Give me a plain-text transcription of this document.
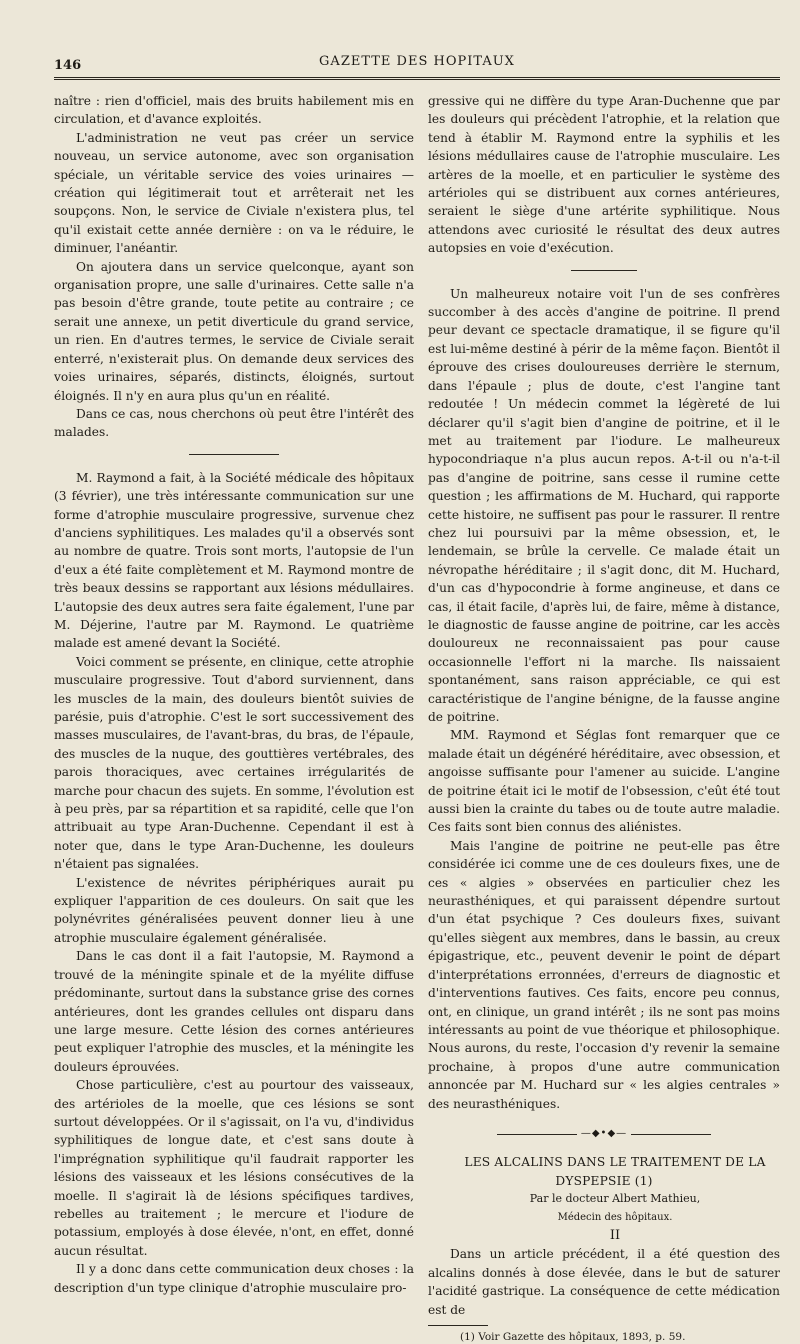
146	GAZETTE DES HOPITAUX

naître : rien d'officiel, mais des bruits habilement mis en circulation, et d'avance exploités.

L'administration ne veut pas créer un service nouveau, un service autonome, avec son organisation spéciale, un véritable service des voies urinaires — création qui légitimerait tout et arrêterait net les soupçons. Non, le service de Civiale n'existera plus, tel qu'il existait cette année dernière : on va le réduire, le diminuer, l'anéantir.

On ajoutera dans un service quelconque, ayant son organisation propre, une salle d'urinaires. Cette salle n'a pas besoin d'être grande, toute petite au contraire ; ce serait une annexe, un petit diverticule du grand service, un rien. En d'autres termes, le service de Civiale serait enterré, n'existerait plus. On demande deux services des voies urinaires, séparés, distincts, éloignés, surtout éloignés. Il n'y en aura plus qu'un en réalité.

Dans ce cas, nous cherchons où peut être l'intérêt des malades.

M. Raymond a fait, à la Société médicale des hôpitaux (3 février), une très intéressante communication sur une forme d'atrophie musculaire progressive, survenue chez d'anciens syphilitiques. Les malades qu'il a observés sont au nombre de quatre. Trois sont morts, l'autopsie de l'un d'eux a été faite complètement et M. Raymond montre de très beaux dessins se rapportant aux lésions médullaires. L'autopsie des deux autres sera faite également, l'une par M. Déjerine, l'autre par M. Raymond. Le quatrième malade est amené devant la Société.

Voici comment se présente, en clinique, cette atrophie musculaire progressive. Tout d'abord surviennent, dans les muscles de la main, des douleurs bientôt suivies de parésie, puis d'atrophie. C'est le sort successivement des masses musculaires, de l'avant-bras, du bras, de l'épaule, des muscles de la nuque, des gouttières vertébrales, des parois thoraciques, avec certaines irrégularités de marche pour chacun des sujets. En somme, l'évolution est à peu près, par sa répartition et sa rapidité, celle que l'on attribuait au type Aran-Duchenne. Cependant il est à noter que, dans le type Aran-Duchenne, les douleurs n'étaient pas signalées.

L'existence de névrites périphériques aurait pu expliquer l'apparition de ces douleurs. On sait que les polynévrites généralisées peuvent donner lieu à une atrophie musculaire également généralisée.

Dans le cas dont il a fait l'autopsie, M. Raymond a trouvé de la méningite spinale et de la myélite diffuse prédominante, surtout dans la substance grise des cornes antérieures, dont les grandes cellules ont disparu dans une large mesure. Cette lésion des cornes antérieures peut expliquer l'atrophie des muscles, et la méningite les douleurs éprouvées.

Chose particulière, c'est au pourtour des vaisseaux, des artérioles de la moelle, que ces lésions se sont surtout développées. Or il s'agissait, on l'a vu, d'individus syphilitiques de longue date, et c'est sans doute à l'imprégnation syphilitique qu'il faudrait rapporter les lésions des vaisseaux et les lésions consécutives de la moelle. Il s'agirait là de lésions spécifiques tardives, rebelles au traitement ; le mercure et l'iodure de potassium, employés à dose élevée, n'ont, en effet, donné aucun résultat.

Il y a donc dans cette communication deux choses : la description d'un type clinique d'atrophie musculaire pro-

gressive qui ne diffère du type Aran-Duchenne que par les douleurs qui précèdent l'atrophie, et la relation que tend à établir M. Raymond entre la syphilis et les lésions médullaires cause de l'atrophie musculaire. Les artères de la moelle, et en particulier le système des artérioles qui se distribuent aux cornes antérieures, seraient le siège d'une artérite syphilitique. Nous attendons avec curiosité le résultat des deux autres autopsies en voie d'exécution.

Un malheureux notaire voit l'un de ses confrères succomber à des accès d'angine de poitrine. Il prend peur devant ce spectacle dramatique, il se figure qu'il est lui-même destiné à périr de la même façon. Bientôt il éprouve des crises douloureuses derrière le sternum, dans l'épaule ; plus de doute, c'est l'angine tant redoutée ! Un médecin commet la légèreté de lui déclarer qu'il s'agit bien d'angine de poitrine, et il le met au traitement par l'iodure. Le malheureux hypocondriaque n'a plus aucun repos. A-t-il ou n'a-t-il pas d'angine de poitrine, sans cesse il rumine cette question ; les affirmations de M. Huchard, qui rapporte cette histoire, ne suffisent pas pour le rassurer. Il rentre chez lui poursuivi par la même obsession, et, le lendemain, se brûle la cervelle. Ce malade était un névropathe héréditaire ; il s'agit donc, dit M. Huchard, d'un cas d'hypocondrie à forme angineuse, et dans ce cas, il était facile, d'après lui, de faire, même à distance, le diagnostic de fausse angine de poitrine, car les accès douloureux ne reconnaissaient pas pour cause occasionnelle l'effort ni la marche. Ils naissaient spontanément, sans raison appréciable, ce qui est caractéristique de l'angine bénigne, de la fausse angine de poitrine.

MM. Raymond et Séglas font remarquer que ce malade était un dégénéré héréditaire, avec obsession, et angoisse suffisante pour l'amener au suicide. L'angine de poitrine était ici le motif de l'obsession, c'eût été tout aussi bien la crainte du tabes ou de toute autre maladie. Ces faits sont bien connus des aliénistes.

Mais l'angine de poitrine ne peut-elle pas être considérée ici comme une de ces douleurs fixes, une de ces « algies » observées en particulier chez les neurasthéniques, et qui paraissent dépendre surtout d'un état psychique ? Ces douleurs fixes, suivant qu'elles siègent aux membres, dans le bassin, au creux épigastrique, etc., peuvent devenir le point de départ d'interprétations erronnées, d'erreurs de diagnostic et d'interventions fautives. Ces faits, encore peu connus, ont, en clinique, un grand intérêt ; ils ne sont pas moins intéressants au point de vue théorique et philosophique. Nous aurons, du reste, l'occasion d'y revenir la semaine prochaine, à propos d'une autre communication annoncée par M. Huchard sur « les algies centrales » des neurasthéniques.

—◆•◆—

LES ALCALINS DANS LE TRAITEMENT DE LA DYSPEPSIE (1)

Par le docteur Albert Mathieu,

Médecin des hôpitaux.

II

Dans un article précédent, il a été question des alcalins donnés à dose élevée, dans le but de saturer l'acidité gastrique. La conséquence de cette médication est de

(1) Voir Gazette des hôpitaux, 1893, p. 59.
